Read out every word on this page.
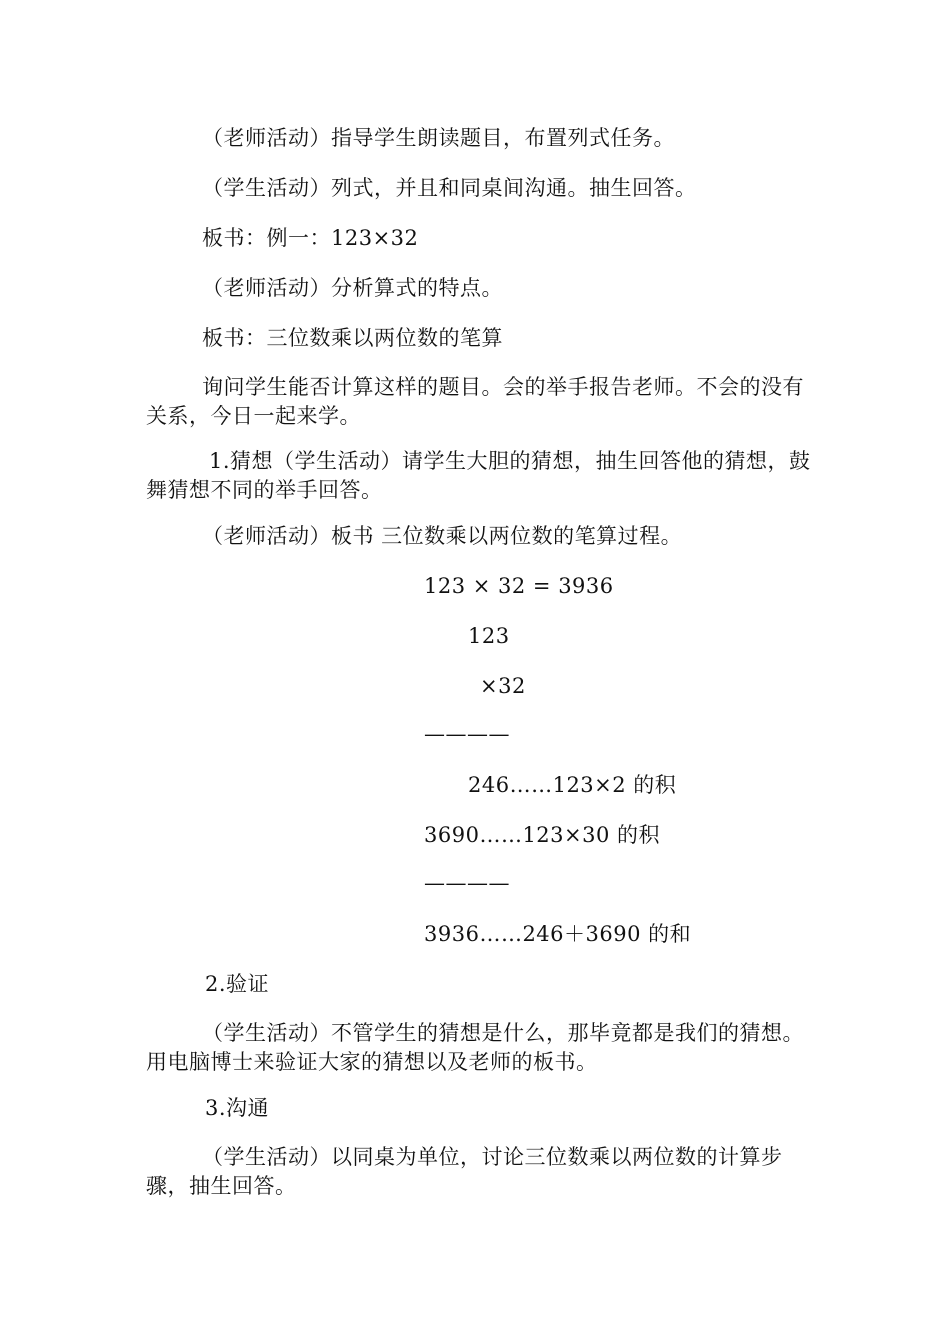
（老师活动）指导学生朗读题目，布置列式任务。
（学生活动）列式，并且和同桌间沟通。抽生回答。
板书：例一：123×32
（老师活动）分析算式的特点。
板书：三位数乘以两位数的笔算
询问学生能否计算这样的题目。会的举手报告老师。不会的没有关系，今日一起来学。
1.猜想（学生活动）请学生大胆的猜想，抽生回答他的猜想，鼓舞猜想不同的举手回答。
（老师活动）板书 三位数乘以两位数的笔算过程。
123 × 32 = 3936
123
×32
————
246……123×2 的积
3690……123×30 的积
————
3936……246＋3690 的和
2.验证
（学生活动）不管学生的猜想是什么，那毕竟都是我们的猜想。用电脑博士来验证大家的猜想以及老师的板书。
3.沟通
（学生活动）以同桌为单位，讨论三位数乘以两位数的计算步骤，抽生回答。
